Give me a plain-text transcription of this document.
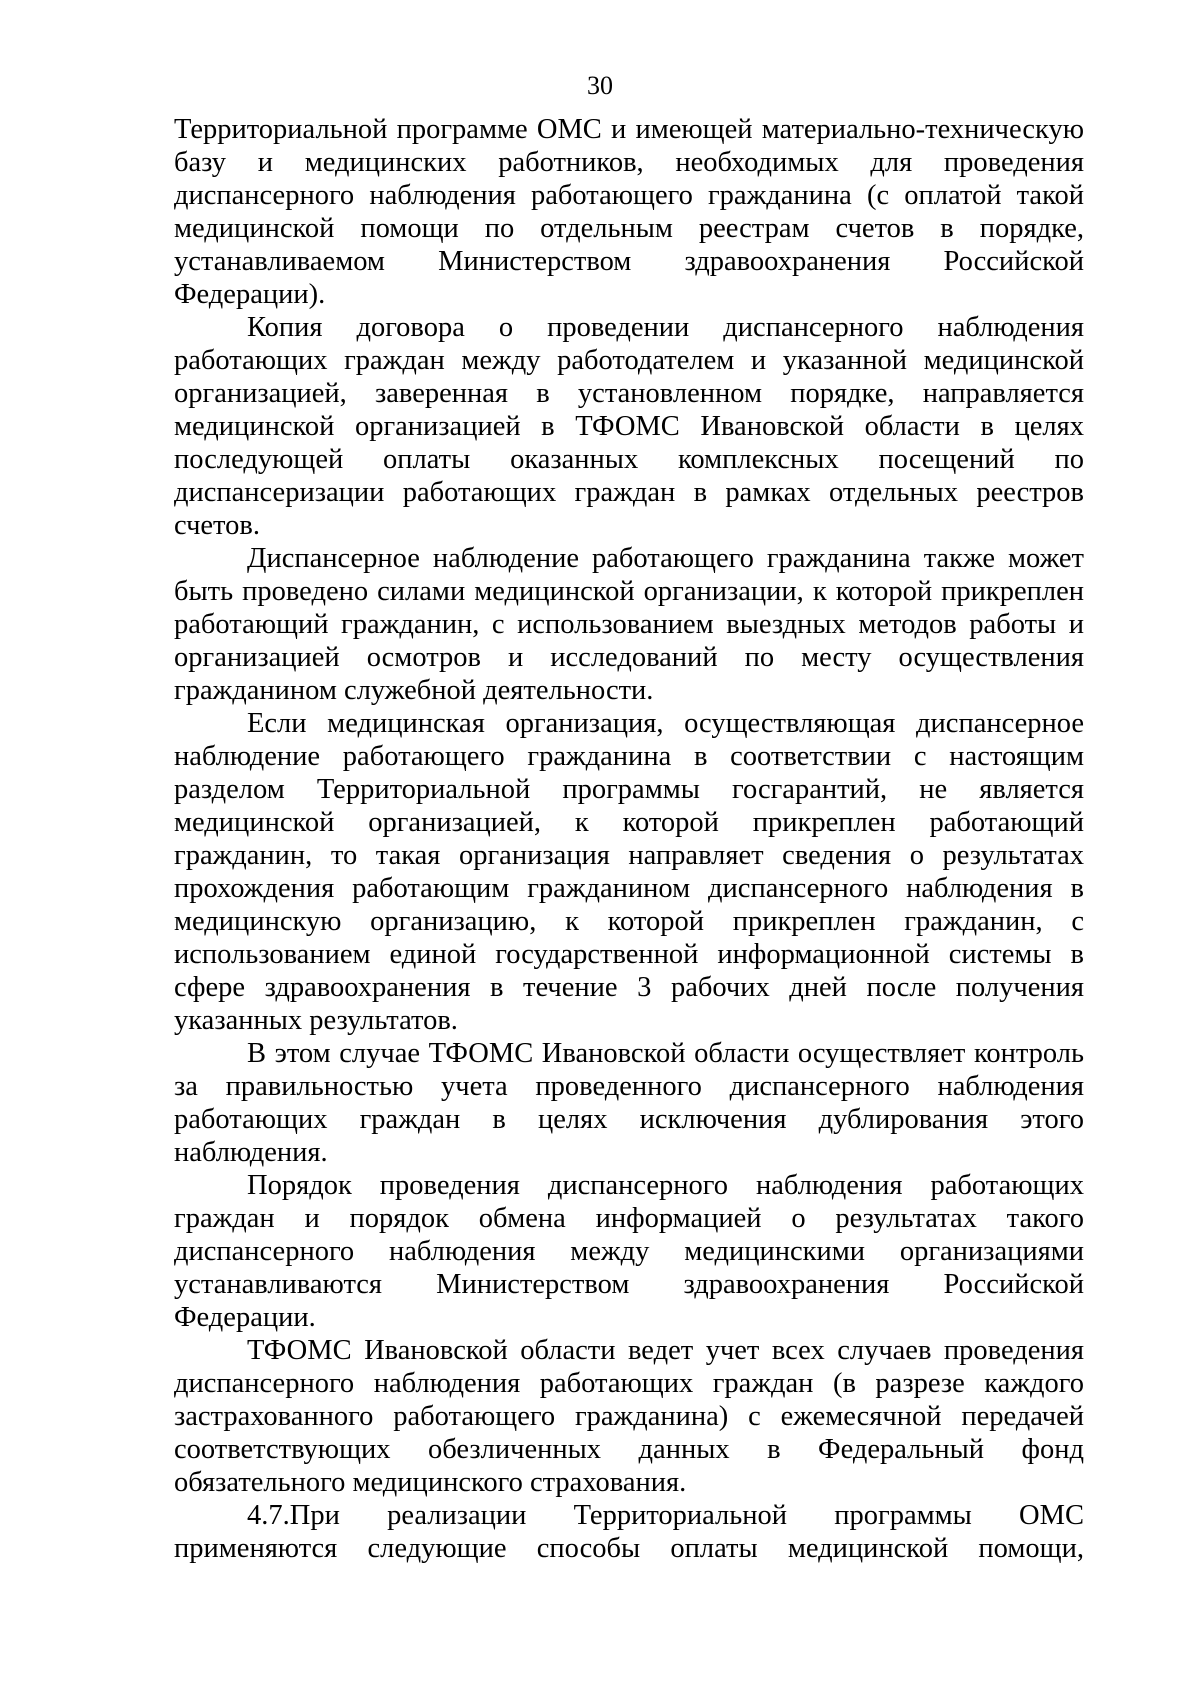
30
Территориальной программе ОМС и имеющей материально-техническую
базу и медицинских работников, необходимых для проведения
диспансерного наблюдения работающего гражданина (с оплатой такой
медицинской помощи по отдельным реестрам счетов в порядке,
устанавливаемом Министерством здравоохранения Российской
Федерации).
Копия договора о проведении диспансерного наблюдения
работающих граждан между работодателем и указанной медицинской
организацией, заверенная в установленном порядке, направляется
медицинской организацией в ТФОМС Ивановской области в целях
последующей оплаты оказанных комплексных посещений по
диспансеризации работающих граждан в рамках отдельных реестров
счетов.
Диспансерное наблюдение работающего гражданина также может
быть проведено силами медицинской организации, к которой прикреплен
работающий гражданин, с использованием выездных методов работы и
организацией осмотров и исследований по месту осуществления
гражданином служебной деятельности.
Если медицинская организация, осуществляющая диспансерное
наблюдение работающего гражданина в соответствии с настоящим
разделом Территориальной программы госгарантий, не является
медицинской организацией, к которой прикреплен работающий
гражданин, то такая организация направляет сведения о результатах
прохождения работающим гражданином диспансерного наблюдения в
медицинскую организацию, к которой прикреплен гражданин, с
использованием единой государственной информационной системы в
сфере здравоохранения в течение 3 рабочих дней после получения
указанных результатов.
В этом случае ТФОМС Ивановской области осуществляет контроль
за правильностью учета проведенного диспансерного наблюдения
работающих граждан в целях исключения дублирования этого
наблюдения.
Порядок проведения диспансерного наблюдения работающих
граждан и порядок обмена информацией о результатах такого
диспансерного наблюдения между медицинскими организациями
устанавливаются Министерством здравоохранения Российской
Федерации.
ТФОМС Ивановской области ведет учет всех случаев проведения
диспансерного наблюдения работающих граждан (в разрезе каждого
застрахованного работающего гражданина) с ежемесячной передачей
соответствующих обезличенных данных в Федеральный фонд
обязательного медицинского страхования.
4.7.При реализации Территориальной программы ОМС
применяются следующие способы оплаты медицинской помощи,
